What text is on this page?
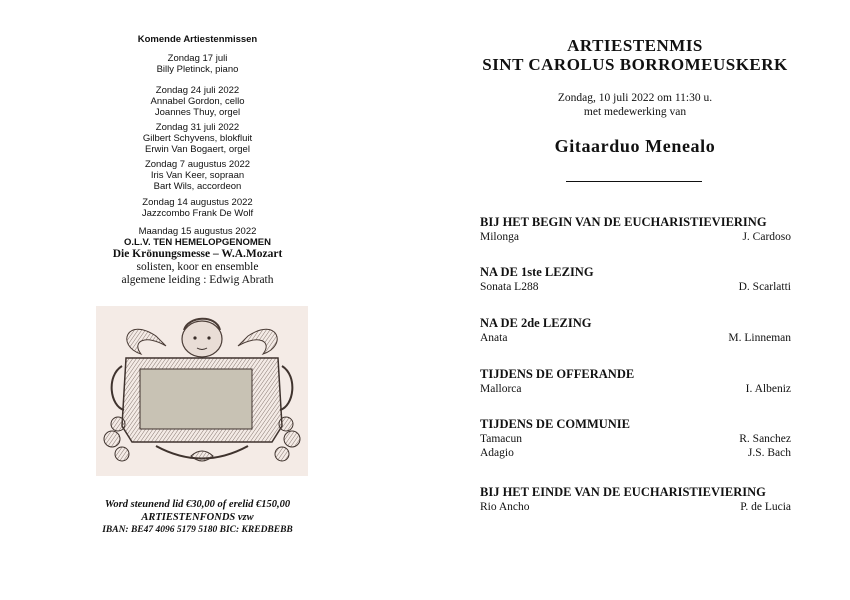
Komende Artiestenmissen
Zondag 17 juli
Billy Pletinck, piano
Zondag 24 juli 2022
Annabel Gordon, cello
Joannes Thuy, orgel
Zondag 31 juli 2022
Gilbert Schyvens, blokfluit
Erwin Van Bogaert, orgel
Zondag 7 augustus 2022
Iris Van Keer, sopraan
Bart Wils, accordeon
Zondag 14 augustus 2022
Jazzcombo Frank De Wolf
Maandag 15 augustus 2022
O.L.V. TEN HEMELOPGENOMEN
Die Krönungsmesse – W.A.Mozart
solisten, koor en ensemble
algemene leiding : Edwig Abrath
Word steunend lid €30,00 of erelid €150,00
ARTIESTENFONDS vzw
IBAN: BE47 4096 5179 5180 BIC: KREDBEBB
ARTIESTENMIS
SINT CAROLUS BORROMEUSKERK
Zondag, 10 juli 2022 om 11:30 u.
met medewerking van
Gitaarduo Menealo
BIJ HET BEGIN VAN DE EUCHARISTIEVIERING
Milonga	J. Cardoso
NA DE 1ste LEZING
Sonata L288	D. Scarlatti
NA DE 2de LEZING
Anata	M. Linneman
TIJDENS DE OFFERANDE
Mallorca	I. Albeniz
TIJDENS DE COMMUNIE
Tamacun	R. Sanchez
Adagio	J.S. Bach
BIJ HET EINDE VAN DE EUCHARISTIEVIERING
Rio Ancho	P. de Lucia
